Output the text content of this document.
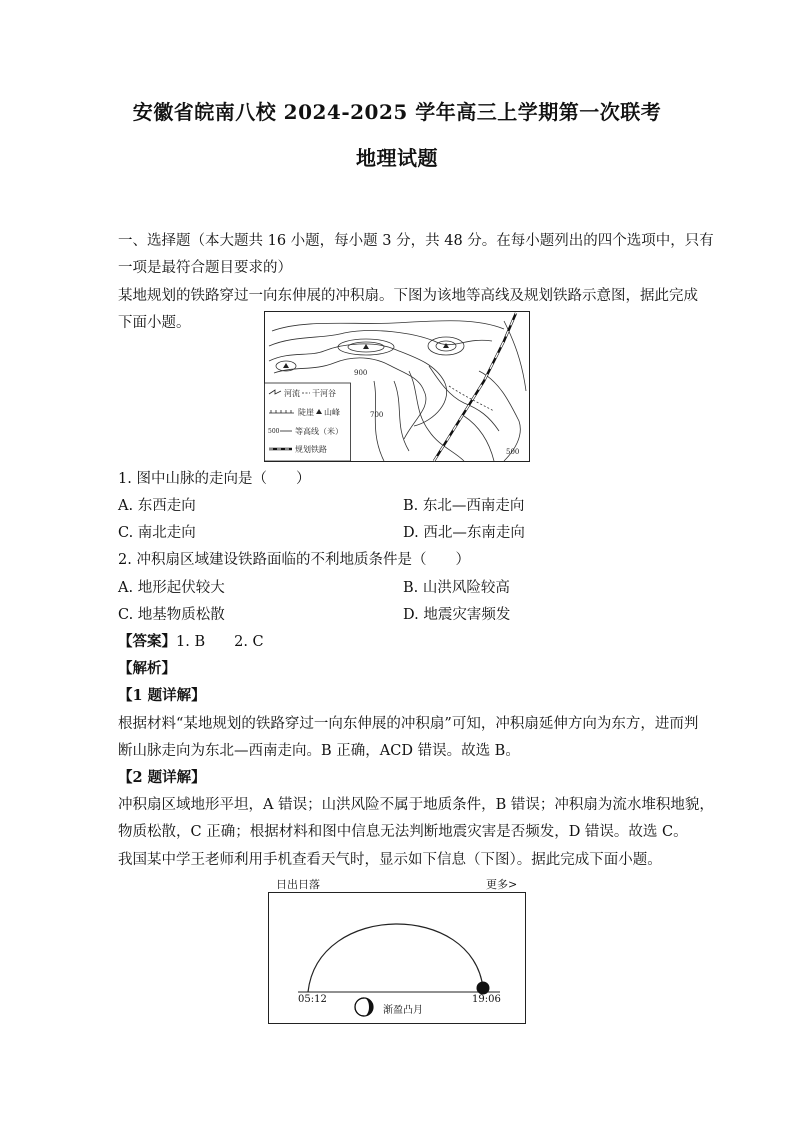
安徽省皖南八校 2024-2025 学年高三上学期第一次联考
地理试题
一、选择题（本大题共 16 小题，每小题 3 分，共 48 分。在每小题列出的四个选项中，只有
一项是最符合题目要求的）
某地规划的铁路穿过一向东伸展的冲积扇。下图为该地等高线及规划铁路示意图，据此完成
下面小题。
900
700
500
河流 干河谷
陡崖 山峰
500 等高线（米）
规划铁路
1. 图中山脉的走向是（　　）
A. 东西走向	B. 东北—西南走向
C. 南北走向	D. 西北—东南走向
2. 冲积扇区域建设铁路面临的不利地质条件是（　　）
A. 地形起伏较大	B. 山洪风险较高
C. 地基物质松散	D. 地震灾害频发
【答案】1. B　　2. C
【解析】
【1 题详解】
根据材料“某地规划的铁路穿过一向东伸展的冲积扇”可知，冲积扇延伸方向为东方，进而判
断山脉走向为东北—西南走向。B 正确，ACD 错误。故选 B。
【2 题详解】
冲积扇区域地形平坦，A 错误；山洪风险不属于地质条件，B 错误；冲积扇为流水堆积地貌，
物质松散，C 正确；根据材料和图中信息无法判断地震灾害是否频发，D 错误。故选 C。
我国某中学王老师利用手机查看天气时，显示如下信息（下图）。据此完成下面小题。
日出日落	更多>
05:12	19:06
渐盈凸月
